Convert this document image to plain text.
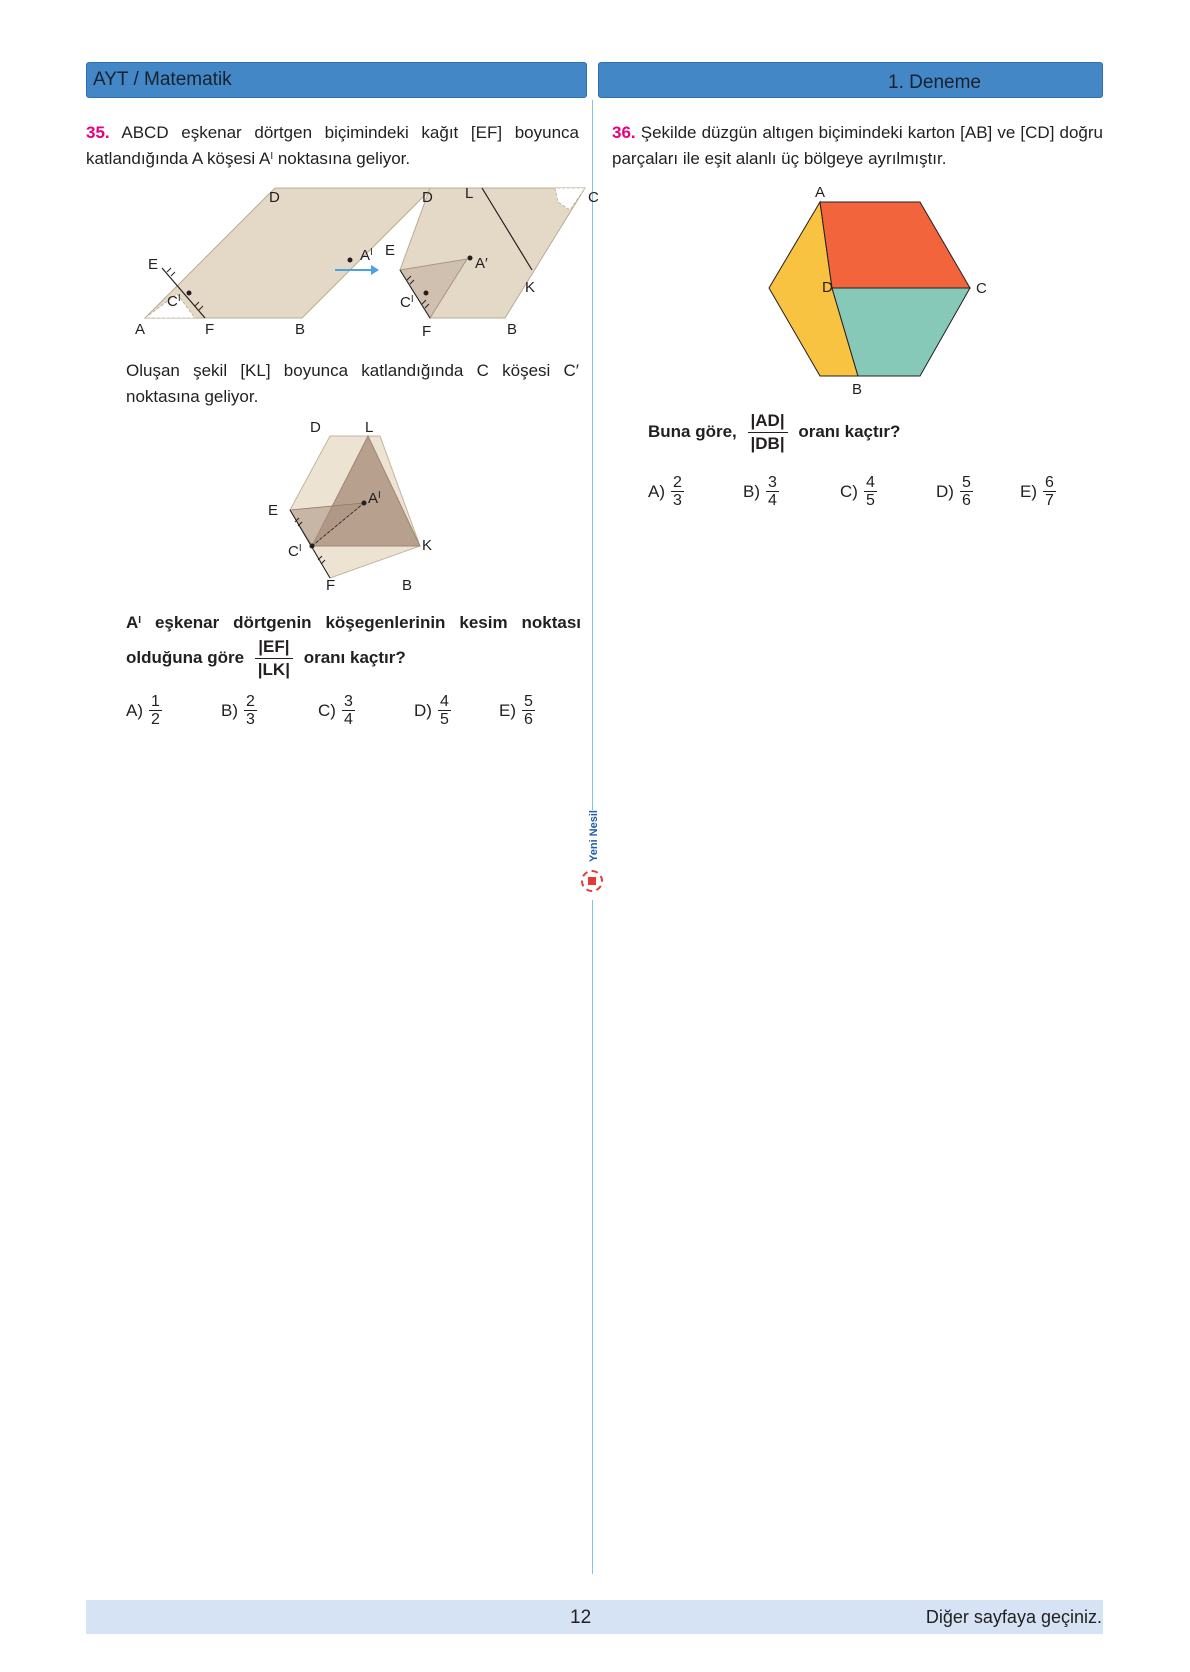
AYT / Matematik	1. Deneme
Yeni Nesil
35. ABCD eşkenar dörtgen biçimindeki kağıt [EF] boyunca katlandığında A köşesi $A^I$ noktasına geliyor.
A	B
D
E
F
$A^I$
$C^I$
D L	C
E
K
A′
$C^I$
F	B
Oluşan şekil [KL] boyunca katlandığında C köşesi C′ noktasına geliyor.
D	L
E
$A^I$
K
$C^I$
F	B
$A^I$ eşkenar dörtgenin köşegenlerinin kesim noktası olduğuna göre $\frac{|EF|}{|LK|}$ oranı kaçtır?
$A) \frac{1}{2}$	$B) \frac{2}{3}$	$C) \frac{3}{4}$	$D) \frac{4}{5}$	$E) \frac{5}{6}$
36. Şekilde düzgün altıgen biçimindeki karton [AB] ve [CD] doğru parçaları ile eşit alanlı üç bölgeye ayrılmıştır.
A
D	C
B
Buna göre, $\frac{|AD|}{|DB|}$ oranı kaçtır?
$A) \frac{2}{3}$	$B) \frac{3}{4}$	$C) \frac{4}{5}$	$D) \frac{5}{6}$	$E) \frac{6}{7}$
12	Diğer sayfaya geçiniz.
